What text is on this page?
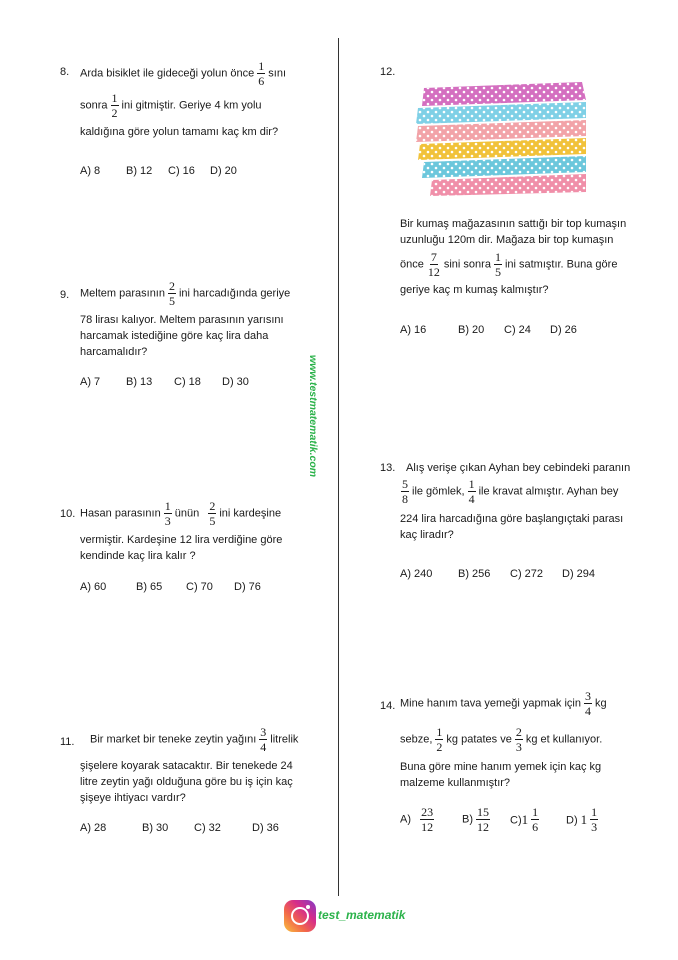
www.testmatematik.com
8. Arda bisiklet ile gideceği yolun önce $\frac{1}{6}$ sını
sonra $\frac{1}{2}$ ini gitmiştir. Geriye 4 km yolu
kaldığına göre yolun tamamı kaç km dir?
A) 8 B) 12 C) 16 D) 20
9. Meltem parasının $\frac{2}{5}$ ini harcadığında geriye
78 lirası kalıyor. Meltem parasının yarısını
harcamak istediğine göre kaç lira daha
harcamalıdır?
A) 7 B) 13 C) 18 D) 30
10. Hasan parasının $\frac{1}{3}$ ünün $\frac{2}{5}$ ini kardeşine
vermiştir. Kardeşine 12 lira verdiğine göre
kendinde kaç lira kalır ?
A) 60	B) 65 C) 70 D) 76
11. Bir market bir teneke zeytin yağını $\frac{3}{4}$ litrelik
şişelere koyarak satacaktır. Bir tenekede 24
litre zeytin yağı olduğuna göre bu iş için kaç
şişeye ihtiyacı vardır?
A) 28	B) 30 C) 32	D) 36
12.
Bir kumaş mağazasının sattığı bir top kumaşın
uzunluğu 120m dir. Mağaza bir top kumaşın
önce $\frac{7}{12}$ sini sonra $\frac{1}{5}$ ini satmıştır. Buna göre
geriye kaç m kumaş kalmıştır?
A) 16	B) 20 C) 24 D) 26
13. Alış verişe çıkan Ayhan bey cebindeki paranın
$\frac{5}{8}$ ile gömlek, $\frac{1}{4}$ ile kravat almıştır. Ayhan bey
224 lira harcadığına göre başlangıçtaki parası
kaç liradır?
A) 240 B) 256 C) 272 D) 294
14. Mine hanım tava yemeği yapmak için $\frac{3}{4}$ kg
sebze, $\frac{1}{2}$ kg patates ve $\frac{2}{3}$ kg et kullanıyor.
Buna göre mine hanım yemek için kaç kg
malzeme kullanmıştır?
$A) \frac{23}{12}$	$B) \frac{15}{12} C$) $1 \frac{1}{6} D$) $1 \frac{1}{3}$
test_matematik
